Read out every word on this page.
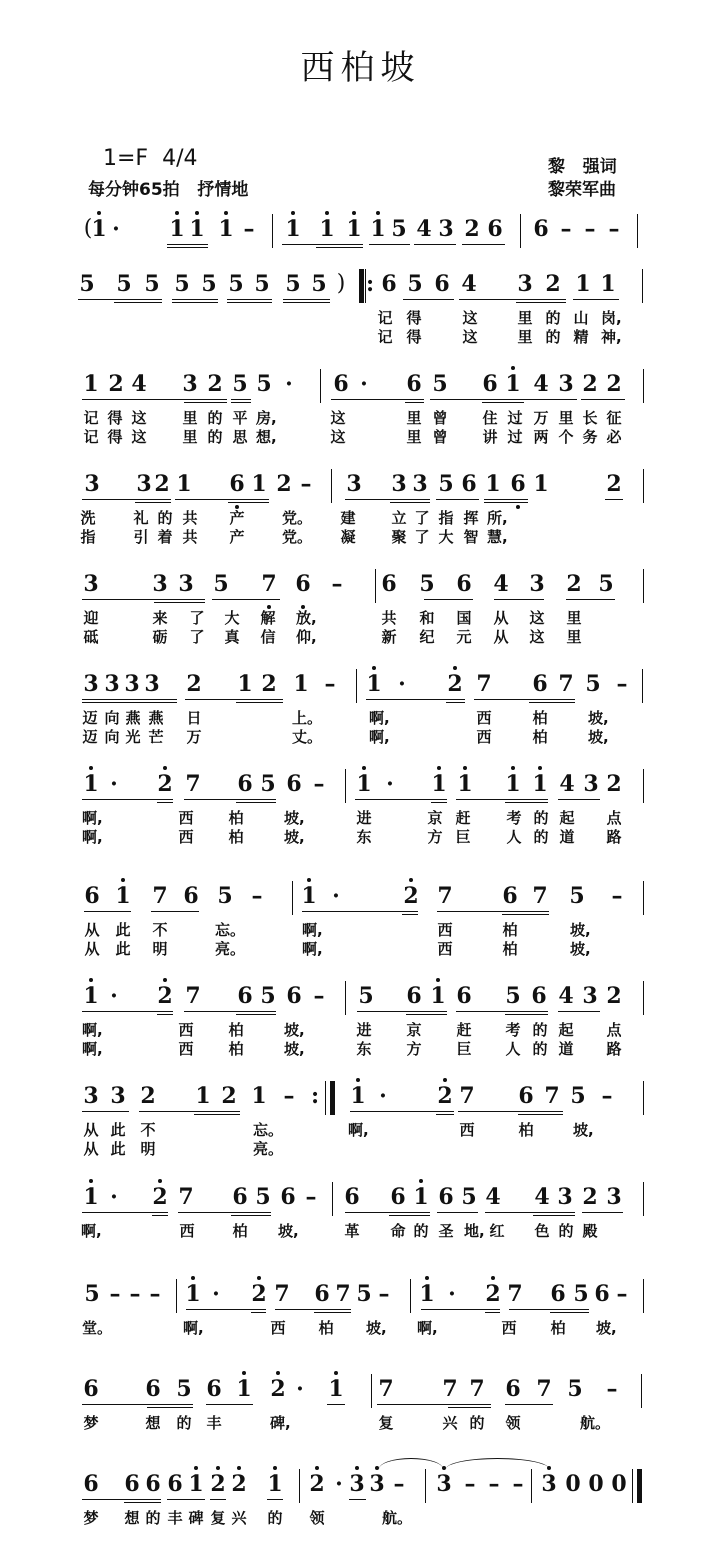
西柏坡
1=F  4/4
每分钟65拍   抒情地
黎   强词
黎荣军曲
( 1 · 1 1 1 – 1 1 1 1 5 4 3 2 6 6 – – –
5 5 5 5 5 5 5 5 5 ) : 6 5 6 4 3 2 1 1
记 得	这	里 的 山 岗,
记 得	这	里 的 精 神,
1 2 4 3 2 5 5 · 6 · 6 5 6 1 4 3 2 2
记 得 这 里 的 平 房,	这	里 曾 住 过 万 里 长 征
记 得 这 里 的 思 想,	这	里 曾 讲 过 两 个 务 必
3 3 2 1 6 1 2 – 3 3 3 5 6 1 6 1	2
洗	礼 的 共 产	党。 建 立 了 指 挥 所,
指	引 着 共 产	党。 凝 聚 了 大 智 慧,
3 3 3 5 7 6 – 6 5 6 4 3 2 5
迎	来 了 大 解 放,	共 和 国 从 这 里
砥	砺 了 真 信 仰,	新 纪 元 从 这 里
3 3 3 3 2 1 2 1 – 1 · 2 7 6 7 5 –
迈 向 燕 燕 日	上。	啊,	西	柏	坡,
迈 向 光 芒 万	丈。	啊,	西	柏	坡,
1 · 2 7 6 5 6 – 1 · 1 1 1 1 4 3 2
啊,	西 柏	坡,	进	京 赶 考 的 起 点
啊,	西 柏	坡,	东	方 巨 人 的 道 路
6 1 7 6 5 – 1 ·	2 7 6 7 5 –
从 此 不	忘。	啊,	西	柏	坡,
从 此 明	亮。	啊,	西	柏	坡,
1 · 2 7 6 5 6 – 5 6 1 6 5 6 4 3 2
啊,	西 柏	坡,	进 京 赶 考 的 起 点
啊,	西 柏	坡,	东 方 巨 人 的 道 路
3 3 2 1 2 1 – : 1 · 2 7 6 7 5 –
从 此 不	忘。	啊,	西	柏	坡,
从 此 明	亮。
1 · 2 7 6 5 6 – 6 6 1 6 5 4 4 3 2 3
啊,	西	柏 坡,	革 命 的 圣 地, 红 色 的 殿
5 – – – 1 · 2 7 6 7 5 – 1 · 2 7 6 5 6 –
堂。	啊,	西 柏 坡, 啊,	西 柏 坡,
6 6 5 6 1 2 · 1 7 7 7 6 7 5 –
梦	想 的 丰	碑,	复	兴 的 领	航。
6 6 6 6 1 2 2 1 2 · 3 3 – 3 – – – 3 0 0 0
梦 想 的 丰 碑 复 兴 的 领	航。
